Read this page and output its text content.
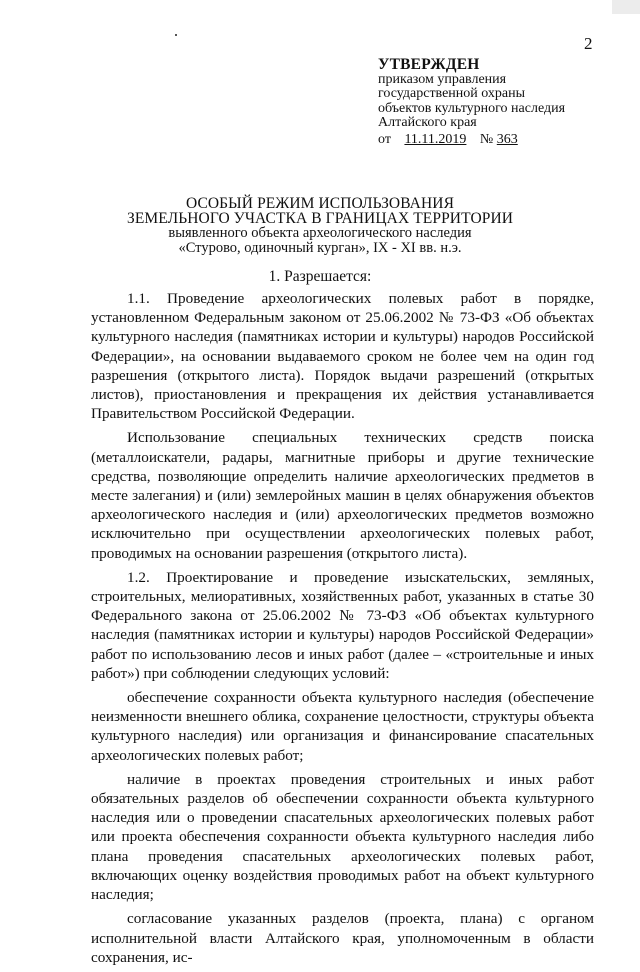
2
УТВЕРЖДЕН
приказом управления
государственной охраны
объектов культурного наследия
Алтайского края
от 11.11.2019 № 363
ОСОБЫЙ РЕЖИМ ИСПОЛЬЗОВАНИЯ
ЗЕМЕЛЬНОГО УЧАСТКА В ГРАНИЦАХ ТЕРРИТОРИИ
выявленного объекта археологического наследия
«Стурово, одиночный курган», IX - XI вв. н.э.
1. Разрешается:

1.1. Проведение археологических полевых работ в порядке, установленном Федеральным законом от 25.06.2002 № 73-ФЗ «Об объектах культурного наследия (памятниках истории и культуры) народов Российской Федерации», на основании выдаваемого сроком не более чем на один год разрешения (открытого листа). Порядок выдачи разрешений (открытых листов), приостановления и прекращения их действия устанавливается Правительством Российской Федерации.

Использование специальных технических средств поиска (металлоискатели, радары, магнитные приборы и другие технические средства, позволяющие определить наличие археологических предметов в месте залегания) и (или) землеройных машин в целях обнаружения объектов археологического наследия и (или) археологических предметов возможно исключительно при осуществлении археологических полевых работ, проводимых на основании разрешения (открытого листа).

1.2. Проектирование и проведение изыскательских, земляных, строительных, мелиоративных, хозяйственных работ, указанных в статье 30 Федерального закона от 25.06.2002 № 73-ФЗ «Об объектах культурного наследия (памятниках истории и культуры) народов Российской Федерации» работ по использованию лесов и иных работ (далее – «строительные и иных работ») при соблюдении следующих условий:

обеспечение сохранности объекта культурного наследия (обеспечение неизменности внешнего облика, сохранение целостности, структуры объекта культурного наследия) или организация и финансирование спасательных археологических полевых работ;

наличие в проектах проведения строительных и иных работ обязательных разделов об обеспечении сохранности объекта культурного наследия или о проведении спасательных археологических полевых работ или проекта обеспечения сохранности объекта культурного наследия либо плана проведения спасательных археологических полевых работ, включающих оценку воздействия проводимых работ на объект культурного наследия;

согласование указанных разделов (проекта, плана) с органом исполнительной власти Алтайского края, уполномоченным в области сохранения, ис-
